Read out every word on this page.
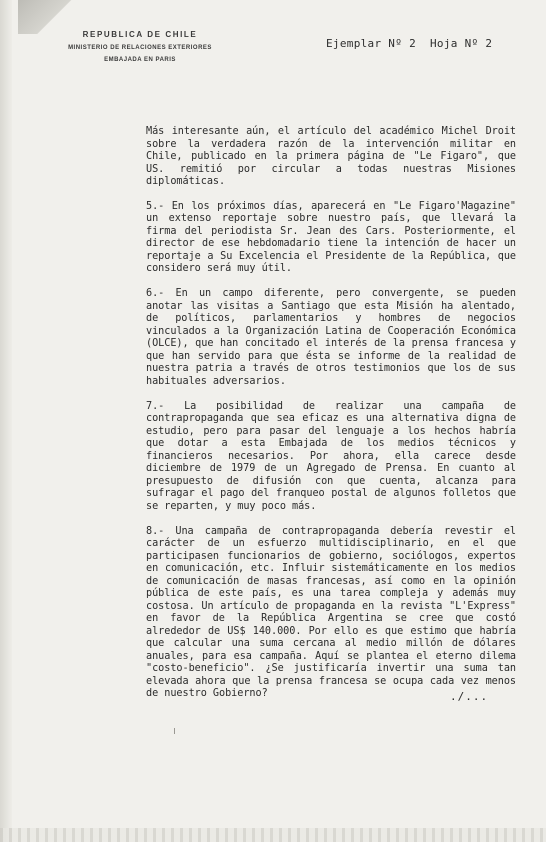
REPUBLICA DE CHILE
MINISTERIO DE RELACIONES EXTERIORES
EMBAJADA EN PARIS
Ejemplar Nº 2 Hoja Nº 2

Más interesante aún, el artículo del académico Michel Droit sobre la verdadera razón de la intervención militar en Chile, publicado en la primera página de "Le Figaro", que US. remitió por circular a todas nuestras Misiones diplomáticas.

5.- En los próximos días, aparecerá en "Le Figaro'Magazine" un extenso reportaje sobre nuestro país, que llevará la firma del periodista Sr. Jean des Cars. Posteriormente, el director de ese hebdomadario tiene la intención de hacer un reportaje a Su Excelencia el Presidente de la República, que considero será muy útil.

6.- En un campo diferente, pero convergente, se pueden anotar las visitas a Santiago que esta Misión ha alentado, de políticos, parlamentarios y hombres de negocios vinculados a la Organización Latina de Cooperación Económica (OLCE), que han concitado el interés de la prensa francesa y que han servido para que ésta se informe de la realidad de nuestra patria a través de otros testimonios que los de sus habituales adversarios.

7.- La posibilidad de realizar una campaña de contrapropaganda que sea eficaz es una alternativa digna de estudio, pero para pasar del lenguaje a los hechos habría que dotar a esta Embajada de los medios técnicos y financieros necesarios. Por ahora, ella carece desde diciembre de 1979 de un Agregado de Prensa. En cuanto al presupuesto de difusión con que cuenta, alcanza para sufragar el pago del franqueo postal de algunos folletos que se reparten, y muy poco más.

8.- Una campaña de contrapropaganda debería revestir el carácter de un esfuerzo multidisciplinario, en el que participasen funcionarios de gobierno, sociólogos, expertos en comunicación, etc. Influir sistemáticamente en los medios de comunicación de masas francesas, así como en la opinión pública de este país, es una tarea compleja y además muy costosa. Un artículo de propaganda en la revista "L'Express" en favor de la República Argentina se cree que costó alrededor de US$ 140.000. Por ello es que estimo que habría que calcular una suma cercana al medio millón de dólares anuales, para esa campaña. Aquí se plantea el eterno dilema "costo-beneficio". ¿Se justificaría invertir una suma tan elevada ahora que la prensa francesa se ocupa cada vez menos de nuestro Gobierno?	./...
